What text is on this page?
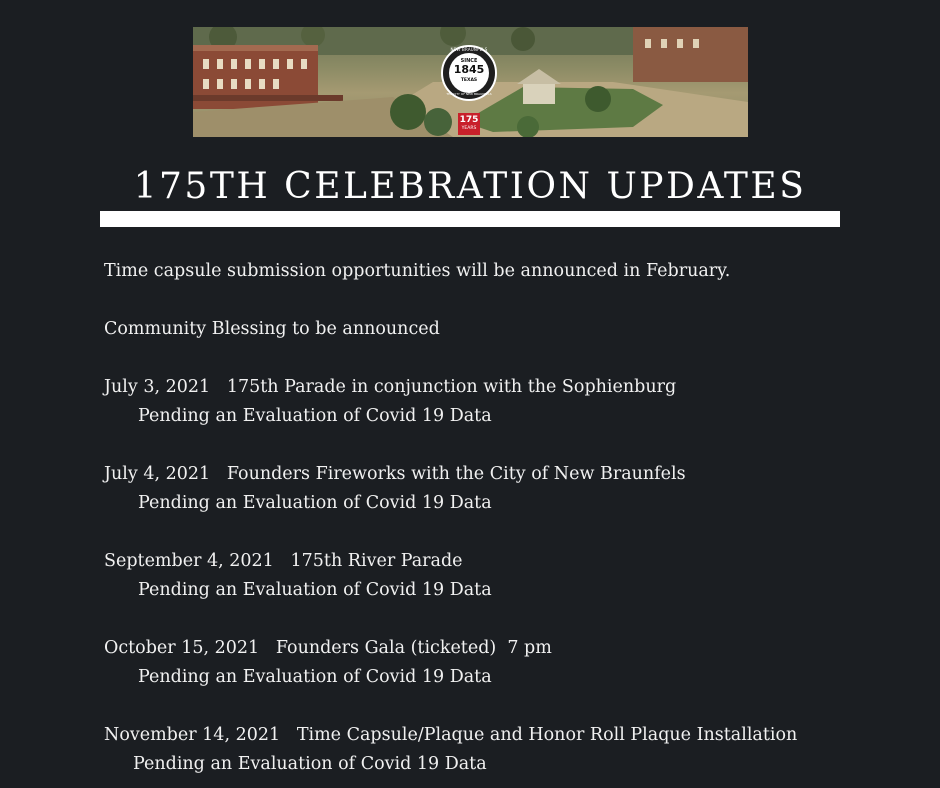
NEW BRAUNFELS
SINCE
1845
TEXAS
THE CITY OF NEW BRAUNFELS
175
YEARS
175TH CELEBRATION UPDATES
Time capsule submission opportunities will be announced in February.
Community Blessing to be announced
July 3, 2021 175th Parade in conjunction with the Sophienburg
Pending an Evaluation of Covid 19 Data
July 4, 2021 Founders Fireworks with the City of New Braunfels
Pending an Evaluation of Covid 19 Data
September 4, 2021 175th River Parade
Pending an Evaluation of Covid 19 Data
October 15, 2021 Founders Gala (ticketed)  7 pm
Pending an Evaluation of Covid 19 Data
November 14, 2021 Time Capsule/Plaque and Honor Roll Plaque Installation
Pending an Evaluation of Covid 19 Data
